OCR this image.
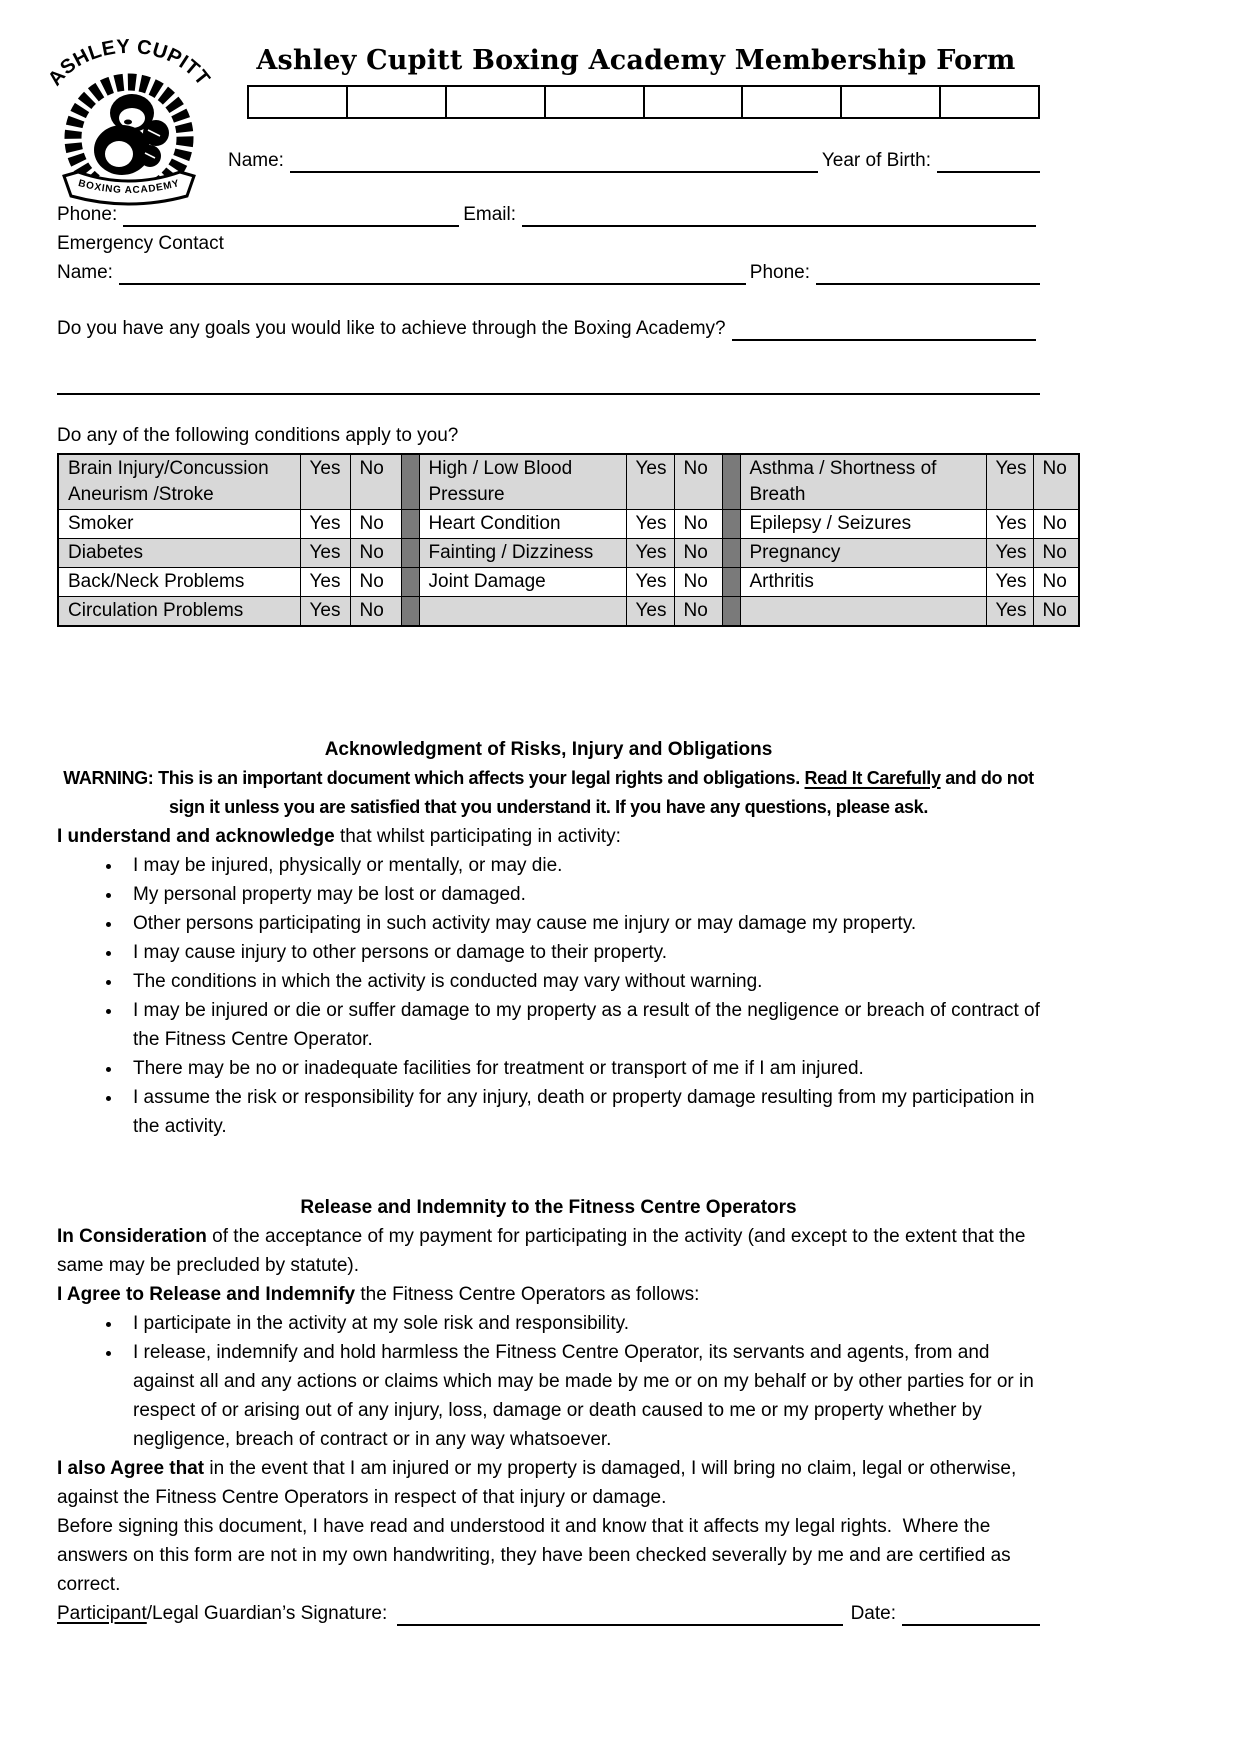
ASHLEY CUPITT
BOXING ACADEMY
Ashley Cupitt Boxing Academy Membership Form
Name:	Year of Birth:
Phone:	Email:
Emergency Contact
Name:	Phone:
Do you have any goals you would like to achieve through the Boxing Academy?
Do any of the following conditions apply to you?
Brain Injury/Concussion Aneurism /Stroke	Yes	No		High / Low Blood Pressure	Yes	No		Asthma / Shortness of Breath	Yes	No
Smoker	Yes	No		Heart Condition	Yes	No		Epilepsy / Seizures	Yes	No
Diabetes	Yes	No		Fainting / Dizziness	Yes	No		Pregnancy	Yes	No
Back/Neck Problems	Yes	No		Joint Damage	Yes	No		Arthritis	Yes	No
Circulation Problems	Yes	No			Yes	No			Yes	No
Acknowledgment of Risks, Injury and Obligations

WARNING: This is an important document which affects your legal rights and obligations. Read It Carefully and do not sign it unless you are satisfied that you understand it. If you have any questions, please ask.

I understand and acknowledge that whilst participating in activity:

• I may be injured, physically or mentally, or may die.
• My personal property may be lost or damaged.
• Other persons participating in such activity may cause me injury or may damage my property.
• I may cause injury to other persons or damage to their property.
• The conditions in which the activity is conducted may vary without warning.
• I may be injured or die or suffer damage to my property as a result of the negligence or breach of contract of the Fitness Centre Operator.
• There may be no or inadequate facilities for treatment or transport of me if I am injured.
• I assume the risk or responsibility for any injury, death or property damage resulting from my participation in the activity.
Release and Indemnity to the Fitness Centre Operators

In Consideration of the acceptance of my payment for participating in the activity (and except to the extent that the same may be precluded by statute).

I Agree to Release and Indemnify the Fitness Centre Operators as follows:

• I participate in the activity at my sole risk and responsibility.
• I release, indemnify and hold harmless the Fitness Centre Operator, its servants and agents, from and against all and any actions or claims which may be made by me or on my behalf or by other parties for or in respect of or arising out of any injury, loss, damage or death caused to me or my property whether by negligence, breach of contract or in any way whatsoever.

I also Agree that in the event that I am injured or my property is damaged, I will bring no claim, legal or otherwise, against the Fitness Centre Operators in respect of that injury or damage.

Before signing this document, I have read and understood it and know that it affects my legal rights.  Where the answers on this form are not in my own handwriting, they have been checked severally by me and are certified as correct.

Participant/Legal Guardian’s Signature:	Date:
